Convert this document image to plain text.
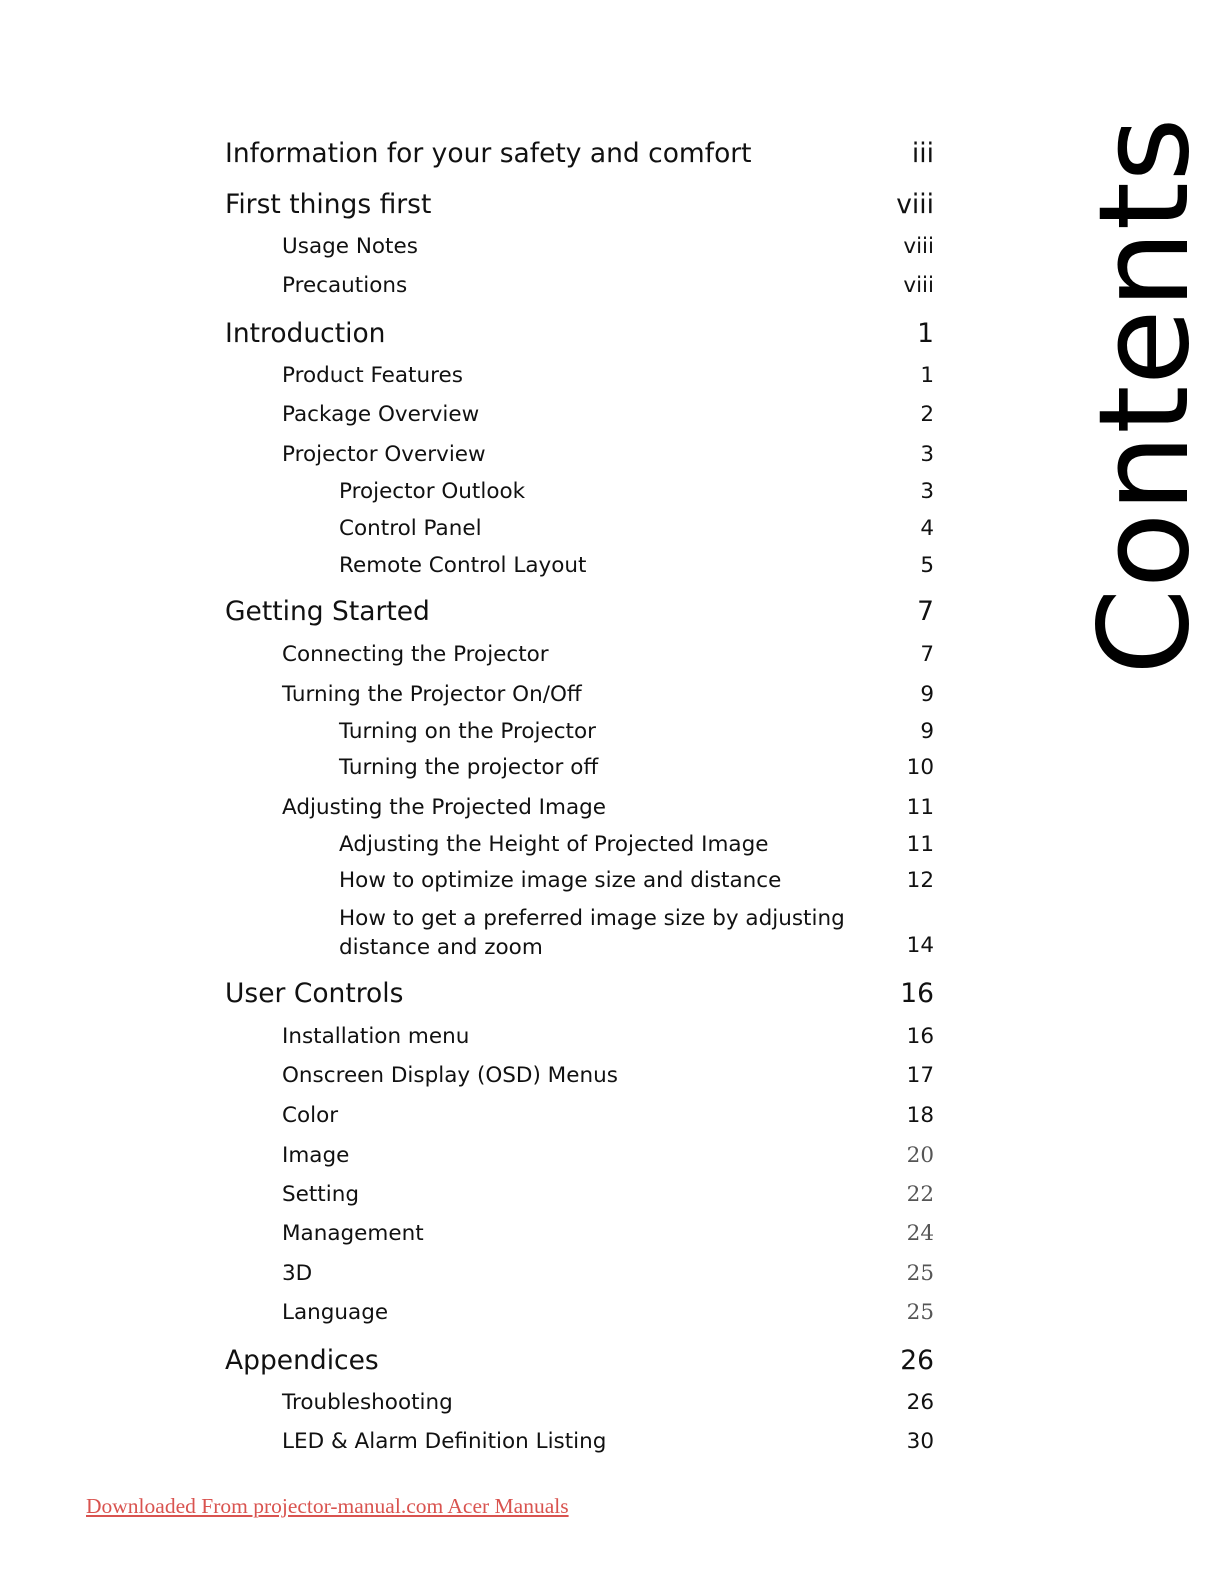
Information for your safety and comfort	iii
First things first	viii
Usage Notes	viii
Precautions	viii
Introduction	1
Product Features	1
Package Overview	2
Projector Overview	3
Projector Outlook	3
Control Panel	4
Remote Control Layout	5
Getting Started	7
Connecting the Projector	7
Turning the Projector On/Off	9
Turning on the Projector	9
Turning the projector off	10
Adjusting the Projected Image	11
Adjusting the Height of Projected Image	11
How to optimize image size and distance	12
How to get a preferred image size by adjusting distance and zoom	14
User Controls	16
Installation menu	16
Onscreen Display (OSD) Menus	17
Color	18
Image	20
Setting	22
Management	24
3D	25
Language	25
Appendices	26
Troubleshooting	26
LED & Alarm Definition Listing	30
Contents
Downloaded From projector-manual.com Acer Manuals
